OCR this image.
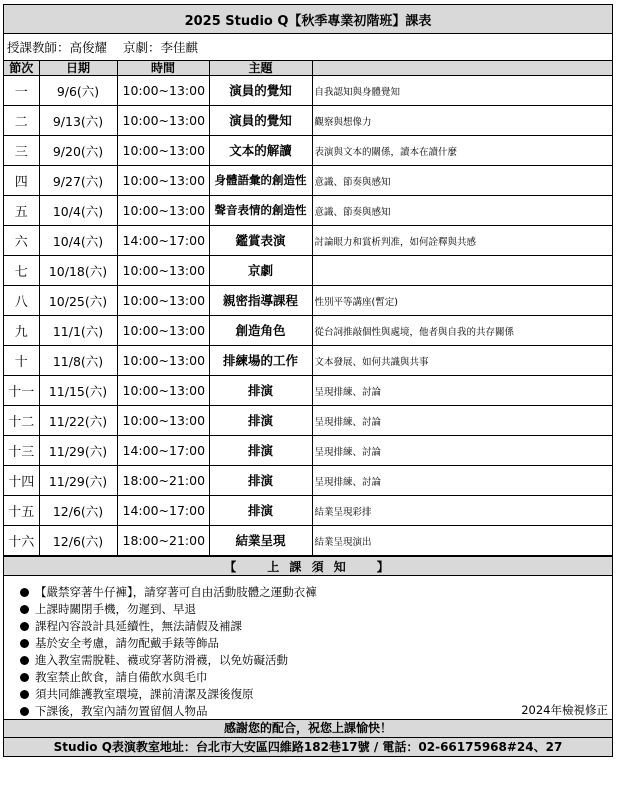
2025 Studio Q【秋季專業初階班】課表
授課教師：高俊耀 京劇：李佳麒
節次	日期	時間	主題	
一	9/6(六)	10:00~13:00	演員的覺知	自我認知與身體覺知
二	9/13(六)	10:00~13:00	演員的覺知	觀察與想像力
三	9/20(六)	10:00~13:00	文本的解讀	表演與文本的關係，讀本在讀什麼
四	9/27(六)	10:00~13:00	身體語彙的創造性	意識、節奏與感知
五	10/4(六)	10:00~13:00	聲音表情的創造性	意識、節奏與感知
六	10/4(六)	14:00~17:00	鑑賞表演	討論眼力和賞析判准，如何詮釋與共感
七	10/18(六)	10:00~13:00	京劇	
八	10/25(六)	10:00~13:00	親密指導課程	性別平等講座(暫定)
九	11/1(六)	10:00~13:00	創造角色	從台詞推敲個性與處境，他者與自我的共存關係
十	11/8(六)	10:00~13:00	排練場的工作	文本發展、如何共識與共事
十一	11/15(六)	10:00~13:00	排演	呈現排練、討論
十二	11/22(六)	10:00~13:00	排演	呈現排練、討論
十三	11/29(六)	14:00~17:00	排演	呈現排練、討論
十四	11/29(六)	18:00~21:00	排演	呈現排練、討論
十五	12/6(六)	14:00~17:00	排演	結業呈現彩排
十六	12/6(六)	18:00~21:00	結業呈現	結業呈現演出
【 上 課 須 知 】
【嚴禁穿著牛仔褲】，請穿著可自由活動肢體之運動衣褲
上課時關閉手機，勿遲到、早退
課程內容設計具延續性，無法請假及補課
基於安全考慮，請勿配戴手錶等飾品
進入教室需脫鞋、襪或穿著防滑襪，以免妨礙活動
教室禁止飲食，請自備飲水與毛巾
須共同維護教室環境，課前清潔及課後復原
下課後，教室內請勿置留個人物品	2024年檢視修正
感謝您的配合，祝您上課愉快！
Studio Q表演教室地址：台北市大安區四維路182巷17號 / 電話：02-66175968#24、27
